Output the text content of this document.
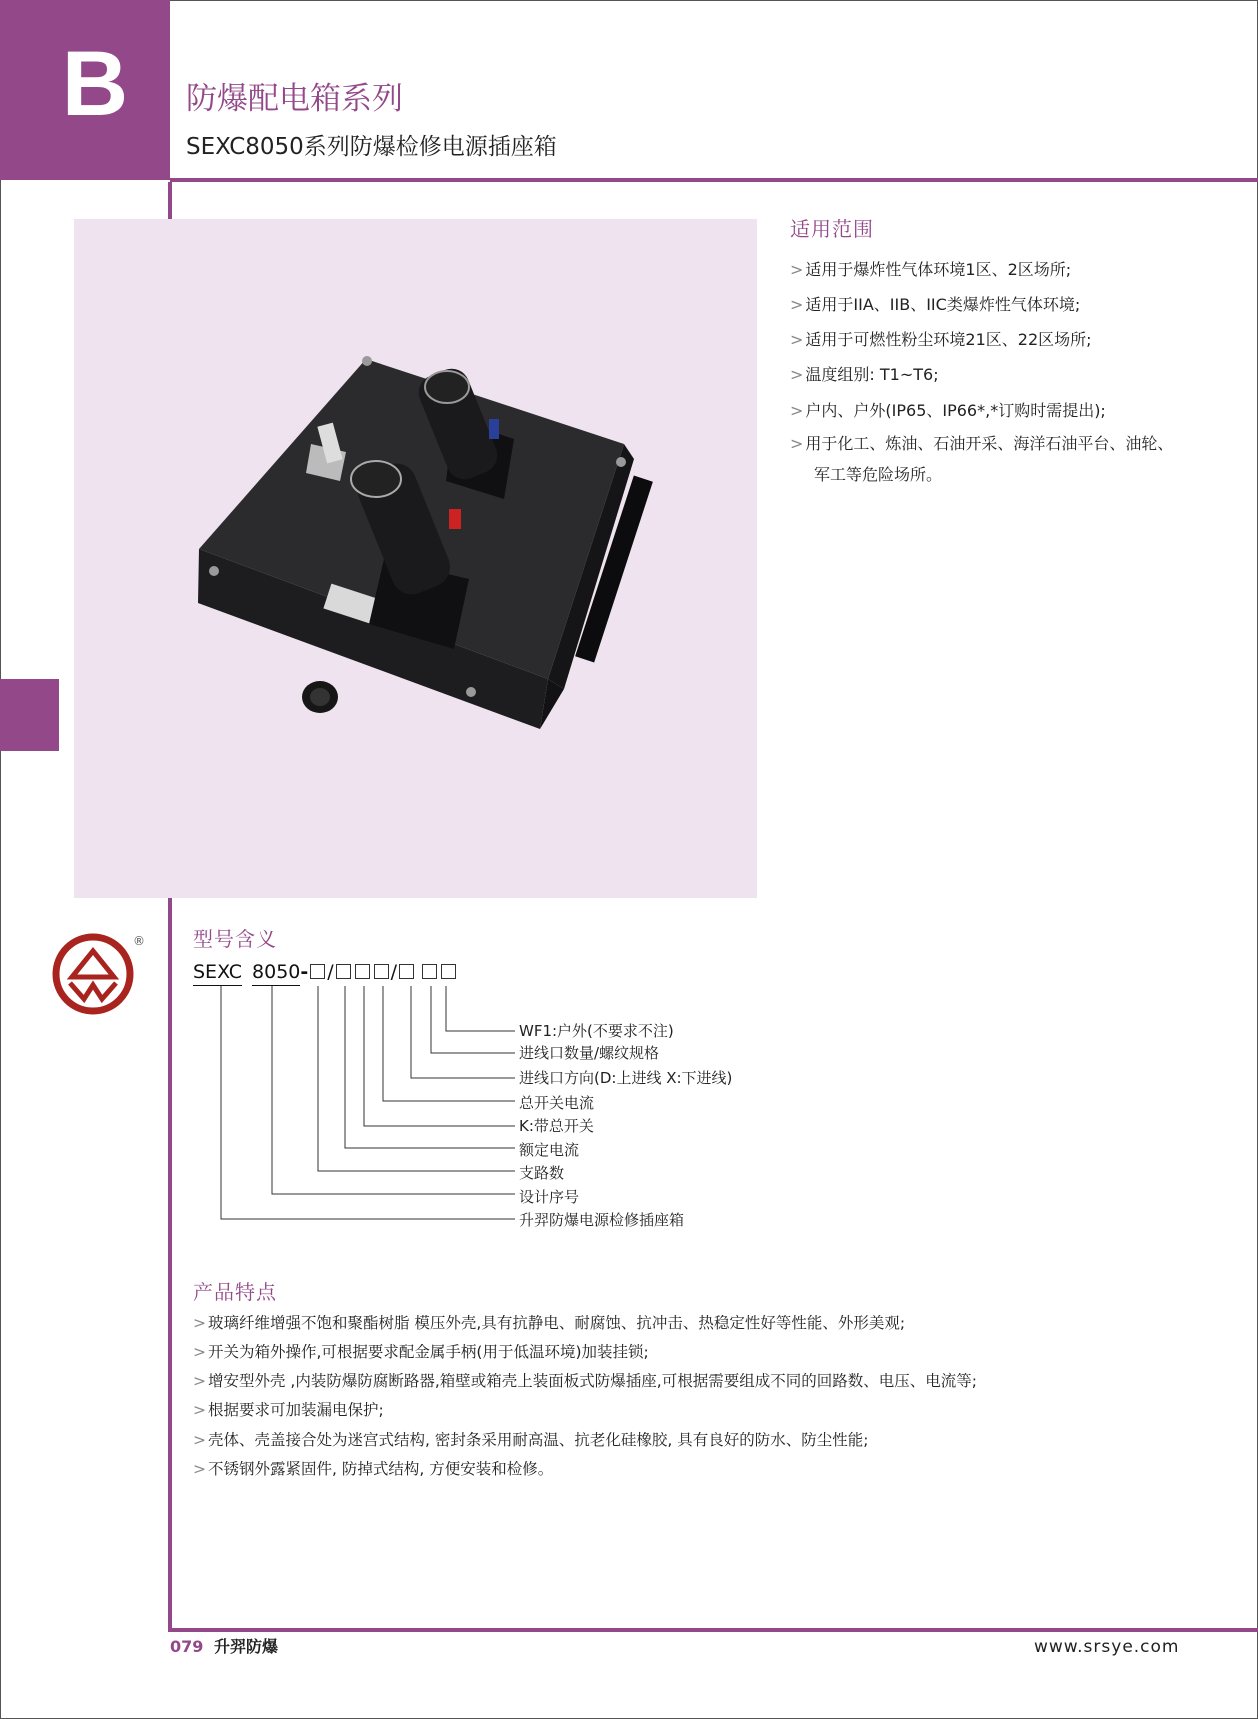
B	防爆配电箱系列
SEXC8050系列防爆检修电源插座箱
适用范围
> 适用于爆炸性气体环境1区、2区场所;
> 适用于IIA、IIB、IIC类爆炸性气体环境;
> 适用于可燃性粉尘环境21区、22区场所;
> 温度组别: T1~T6;
> 户内、户外(IP65、IP66*,*订购时需提出);
> 用于化工、炼油、石油开采、海洋石油平台、油轮、
军工等危险场所。
® 型号含义
SEXC 8050- /	/
WF1:户外(不要求不注)
进线口数量/螺纹规格
进线口方向(D:上进线 X:下进线)
总开关电流
K:带总开关
额定电流
支路数
设计序号
升羿防爆电源检修插座箱
产品特点
> 玻璃纤维增强不饱和聚酯树脂 模压外壳,具有抗静电、耐腐蚀、抗冲击、热稳定性好等性能、外形美观;
> 开关为箱外操作,可根据要求配金属手柄(用于低温环境)加装挂锁;
> 增安型外壳 ,内装防爆防腐断路器,箱壁或箱壳上装面板式防爆插座,可根据需要组成不同的回路数、电压、电流等;
> 根据要求可加装漏电保护;
> 壳体、壳盖接合处为迷宫式结构, 密封条采用耐高温、抗老化硅橡胶, 具有良好的防水、防尘性能;
> 不锈钢外露紧固件, 防掉式结构, 方便安装和检修。
079 升羿防爆	www.srsye.com
